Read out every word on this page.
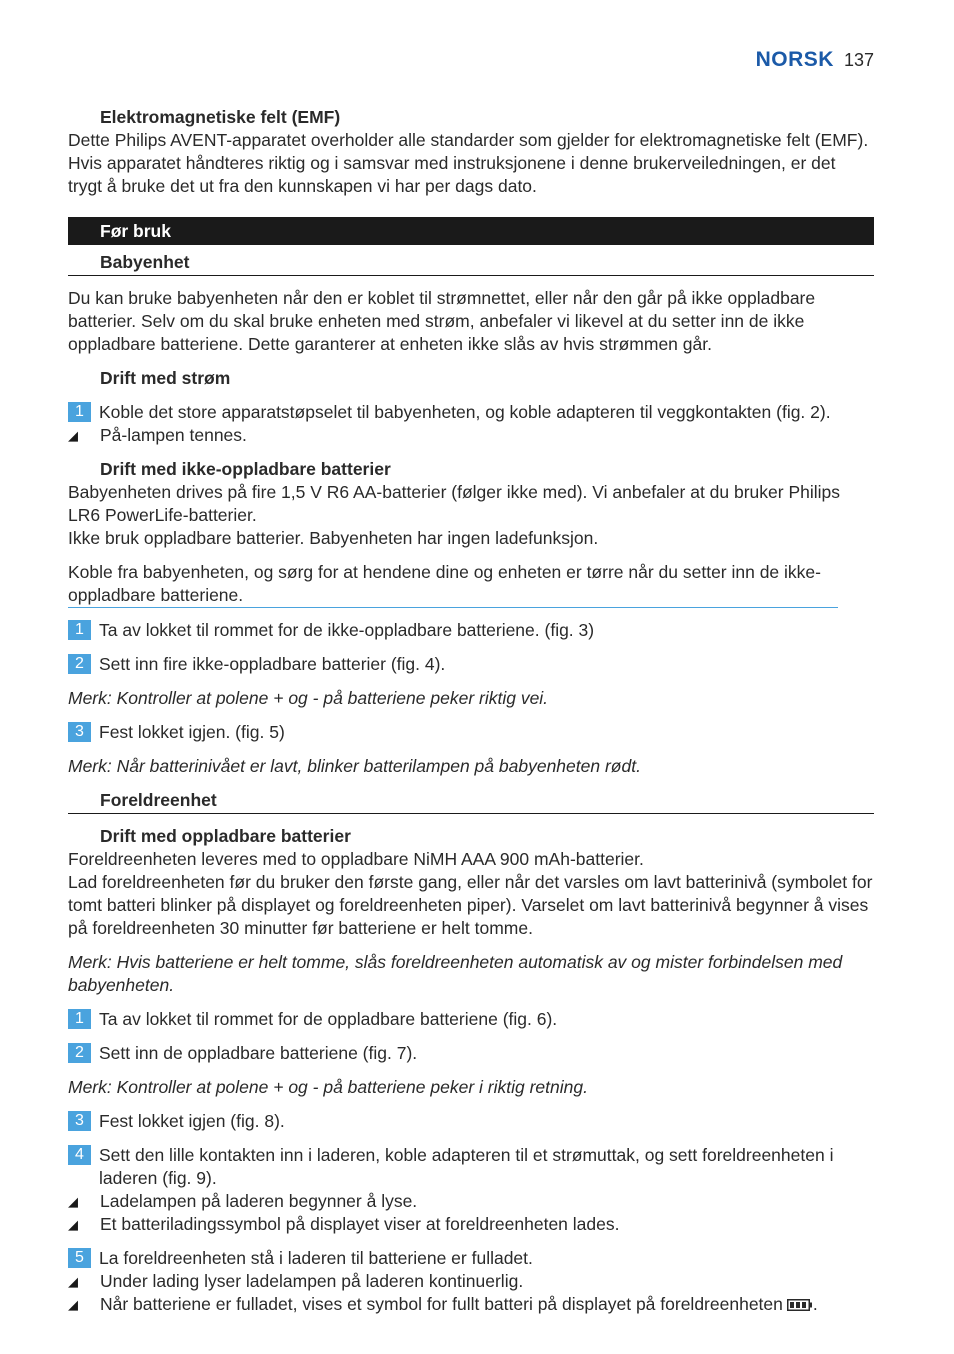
NORSK 137

Elektromagnetiske felt (EMF)

Dette Philips AVENT-apparatet overholder alle standarder som gjelder for elektromagnetiske felt (EMF). Hvis apparatet håndteres riktig og i samsvar med instruksjonene i denne brukerveiledningen, er det trygt å bruke det ut fra den kunnskapen vi har per dags dato.

Før bruk
Babyenhet

Du kan bruke babyenheten når den er koblet til strømnettet, eller når den går på ikke oppladbare batterier. Selv om du skal bruke enheten med strøm, anbefaler vi likevel at du setter inn de ikke oppladbare batteriene. Dette garanterer at enheten ikke slås av hvis strømmen går.

Drift med strøm

1 Koble det store apparatstøpselet til babyenheten, og koble adapteren til veggkontakten (fig. 2).
◢	På-lampen tennes.

Drift med ikke-oppladbare batterier

Babyenheten drives på fire 1,5 V R6 AA-batterier (følger ikke med). Vi anbefaler at du bruker Philips LR6 PowerLife-batterier.

Ikke bruk oppladbare batterier. Babyenheten har ingen ladefunksjon.

Koble fra babyenheten, og sørg for at hendene dine og enheten er tørre når du setter inn de ikke-oppladbare batteriene.

1 Ta av lokket til rommet for de ikke-oppladbare batteriene. (fig. 3)
2 Sett inn fire ikke-oppladbare batterier (fig. 4).

Merk: Kontroller at polene + og - på batteriene peker riktig vei.

3 Fest lokket igjen. (fig. 5)

Merk: Når batterinivået er lavt, blinker batterilampen på babyenheten rødt.

Foreldreenhet

Drift med oppladbare batterier

Foreldreenheten leveres med to oppladbare NiMH AAA 900 mAh-batterier.

Lad foreldreenheten før du bruker den første gang, eller når det varsles om lavt batterinivå (symbolet for tomt batteri blinker på displayet og foreldreenheten piper). Varselet om lavt batterinivå begynner å vises på foreldreenheten 30 minutter før batteriene er helt tomme.

Merk: Hvis batteriene er helt tomme, slås foreldreenheten automatisk av og mister forbindelsen med babyenheten.

1 Ta av lokket til rommet for de oppladbare batteriene (fig. 6).
2 Sett inn de oppladbare batteriene (fig. 7).

Merk: Kontroller at polene + og - på batteriene peker i riktig retning.

3 Fest lokket igjen (fig. 8).
4 Sett den lille kontakten inn i laderen, koble adapteren til et strømuttak, og sett foreldreenheten i laderen (fig. 9).
◢	Ladelampen på laderen begynner å lyse.
◢	Et batteriladingssymbol på displayet viser at foreldreenheten lades.
5 La foreldreenheten stå i laderen til batteriene er fulladet.
◢	Under lading lyser ladelampen på laderen kontinuerlig.
◢	Når batteriene er fulladet, vises et symbol for fullt batteri på displayet på foreldreenheten .
